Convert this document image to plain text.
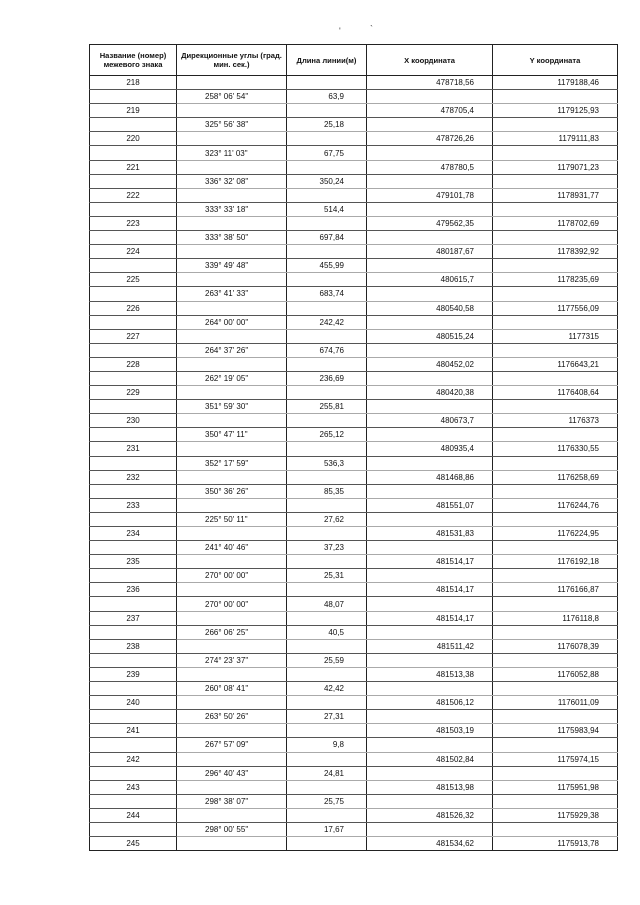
'	`
Название (номер) межевого знака	Дирекционные углы (град. мин. сек.)	Длина линии(м)	X координата	Y координата
218			478718,56	1179188,46
	258° 06' 54"	63,9		
219			478705,4	1179125,93
	325° 56' 38"	25,18		
220			478726,26	1179111,83
	323° 11' 03"	67,75		
221			478780,5	1179071,23
	336° 32' 08"	350,24		
222			479101,78	1178931,77
	333° 33' 18"	514,4		
223			479562,35	1178702,69
	333° 38' 50"	697,84		
224			480187,67	1178392,92
	339° 49' 48"	455,99		
225			480615,7	1178235,69
	263° 41' 33"	683,74		
226			480540,58	1177556,09
	264° 00' 00"	242,42		
227			480515,24	1177315
	264° 37' 26"	674,76		
228			480452,02	1176643,21
	262° 19' 05"	236,69		
229			480420,38	1176408,64
	351° 59' 30"	255,81		
230			480673,7	1176373
	350° 47' 11"	265,12		
231			480935,4	1176330,55
	352° 17' 59"	536,3		
232			481468,86	1176258,69
	350° 36' 26"	85,35		
233			481551,07	1176244,76
	225° 50' 11"	27,62		
234			481531,83	1176224,95
	241° 40' 46"	37,23		
235			481514,17	1176192,18
	270° 00' 00"	25,31		
236			481514,17	1176166,87
	270° 00' 00"	48,07		
237			481514,17	1176118,8
	266° 06' 25"	40,5		
238			481511,42	1176078,39
	274° 23' 37"	25,59		
239			481513,38	1176052,88
	260° 08' 41"	42,42		
240			481506,12	1176011,09
	263° 50' 26"	27,31		
241			481503,19	1175983,94
	267° 57' 09"	9,8		
242			481502,84	1175974,15
	296° 40' 43"	24,81		
243			481513,98	1175951,98
	298° 38' 07"	25,75		
244			481526,32	1175929,38
	298° 00' 55"	17,67		
245			481534,62	1175913,78
